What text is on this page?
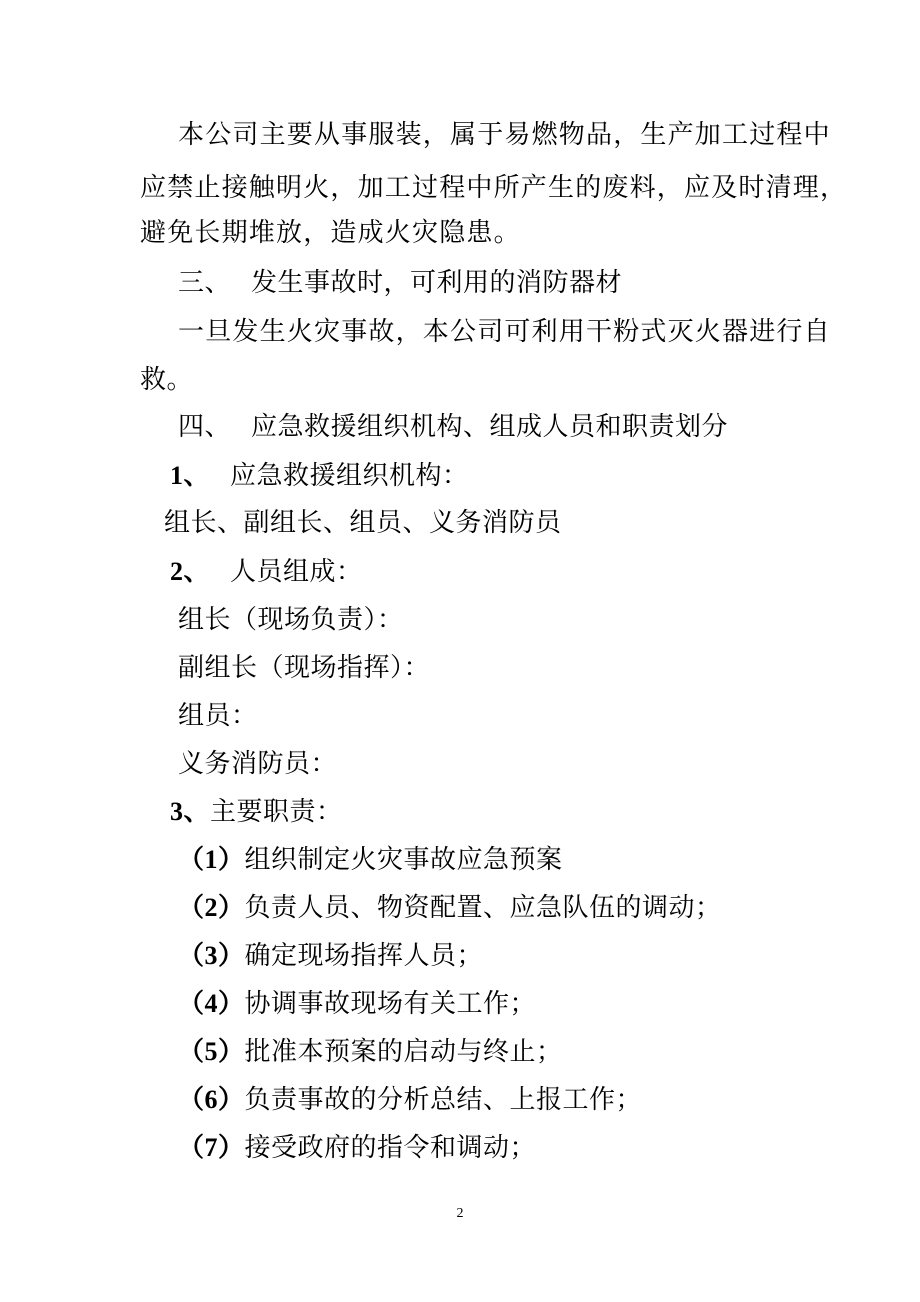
本公司主要从事服装，属于易燃物品，生产加工过程中
应禁止接触明火，加工过程中所产生的废料，应及时清理，
避免长期堆放，造成火灾隐患。
三、 发生事故时，可利用的消防器材
一旦发生火灾事故，本公司可利用干粉式灭火器进行自
救。
四、 应急救援组织机构、组成人员和职责划分
1、 应急救援组织机构：
组长、副组长、组员、义务消防员
2、 人员组成：
组长（现场负责）：
副组长（现场指挥）：
组员：
义务消防员：
3、主要职责：
（1）组织制定火灾事故应急预案
（2）负责人员、物资配置、应急队伍的调动；
（3）确定现场指挥人员；
（4）协调事故现场有关工作；
（5）批准本预案的启动与终止；
（6）负责事故的分析总结、上报工作；
（7）接受政府的指令和调动；
2
